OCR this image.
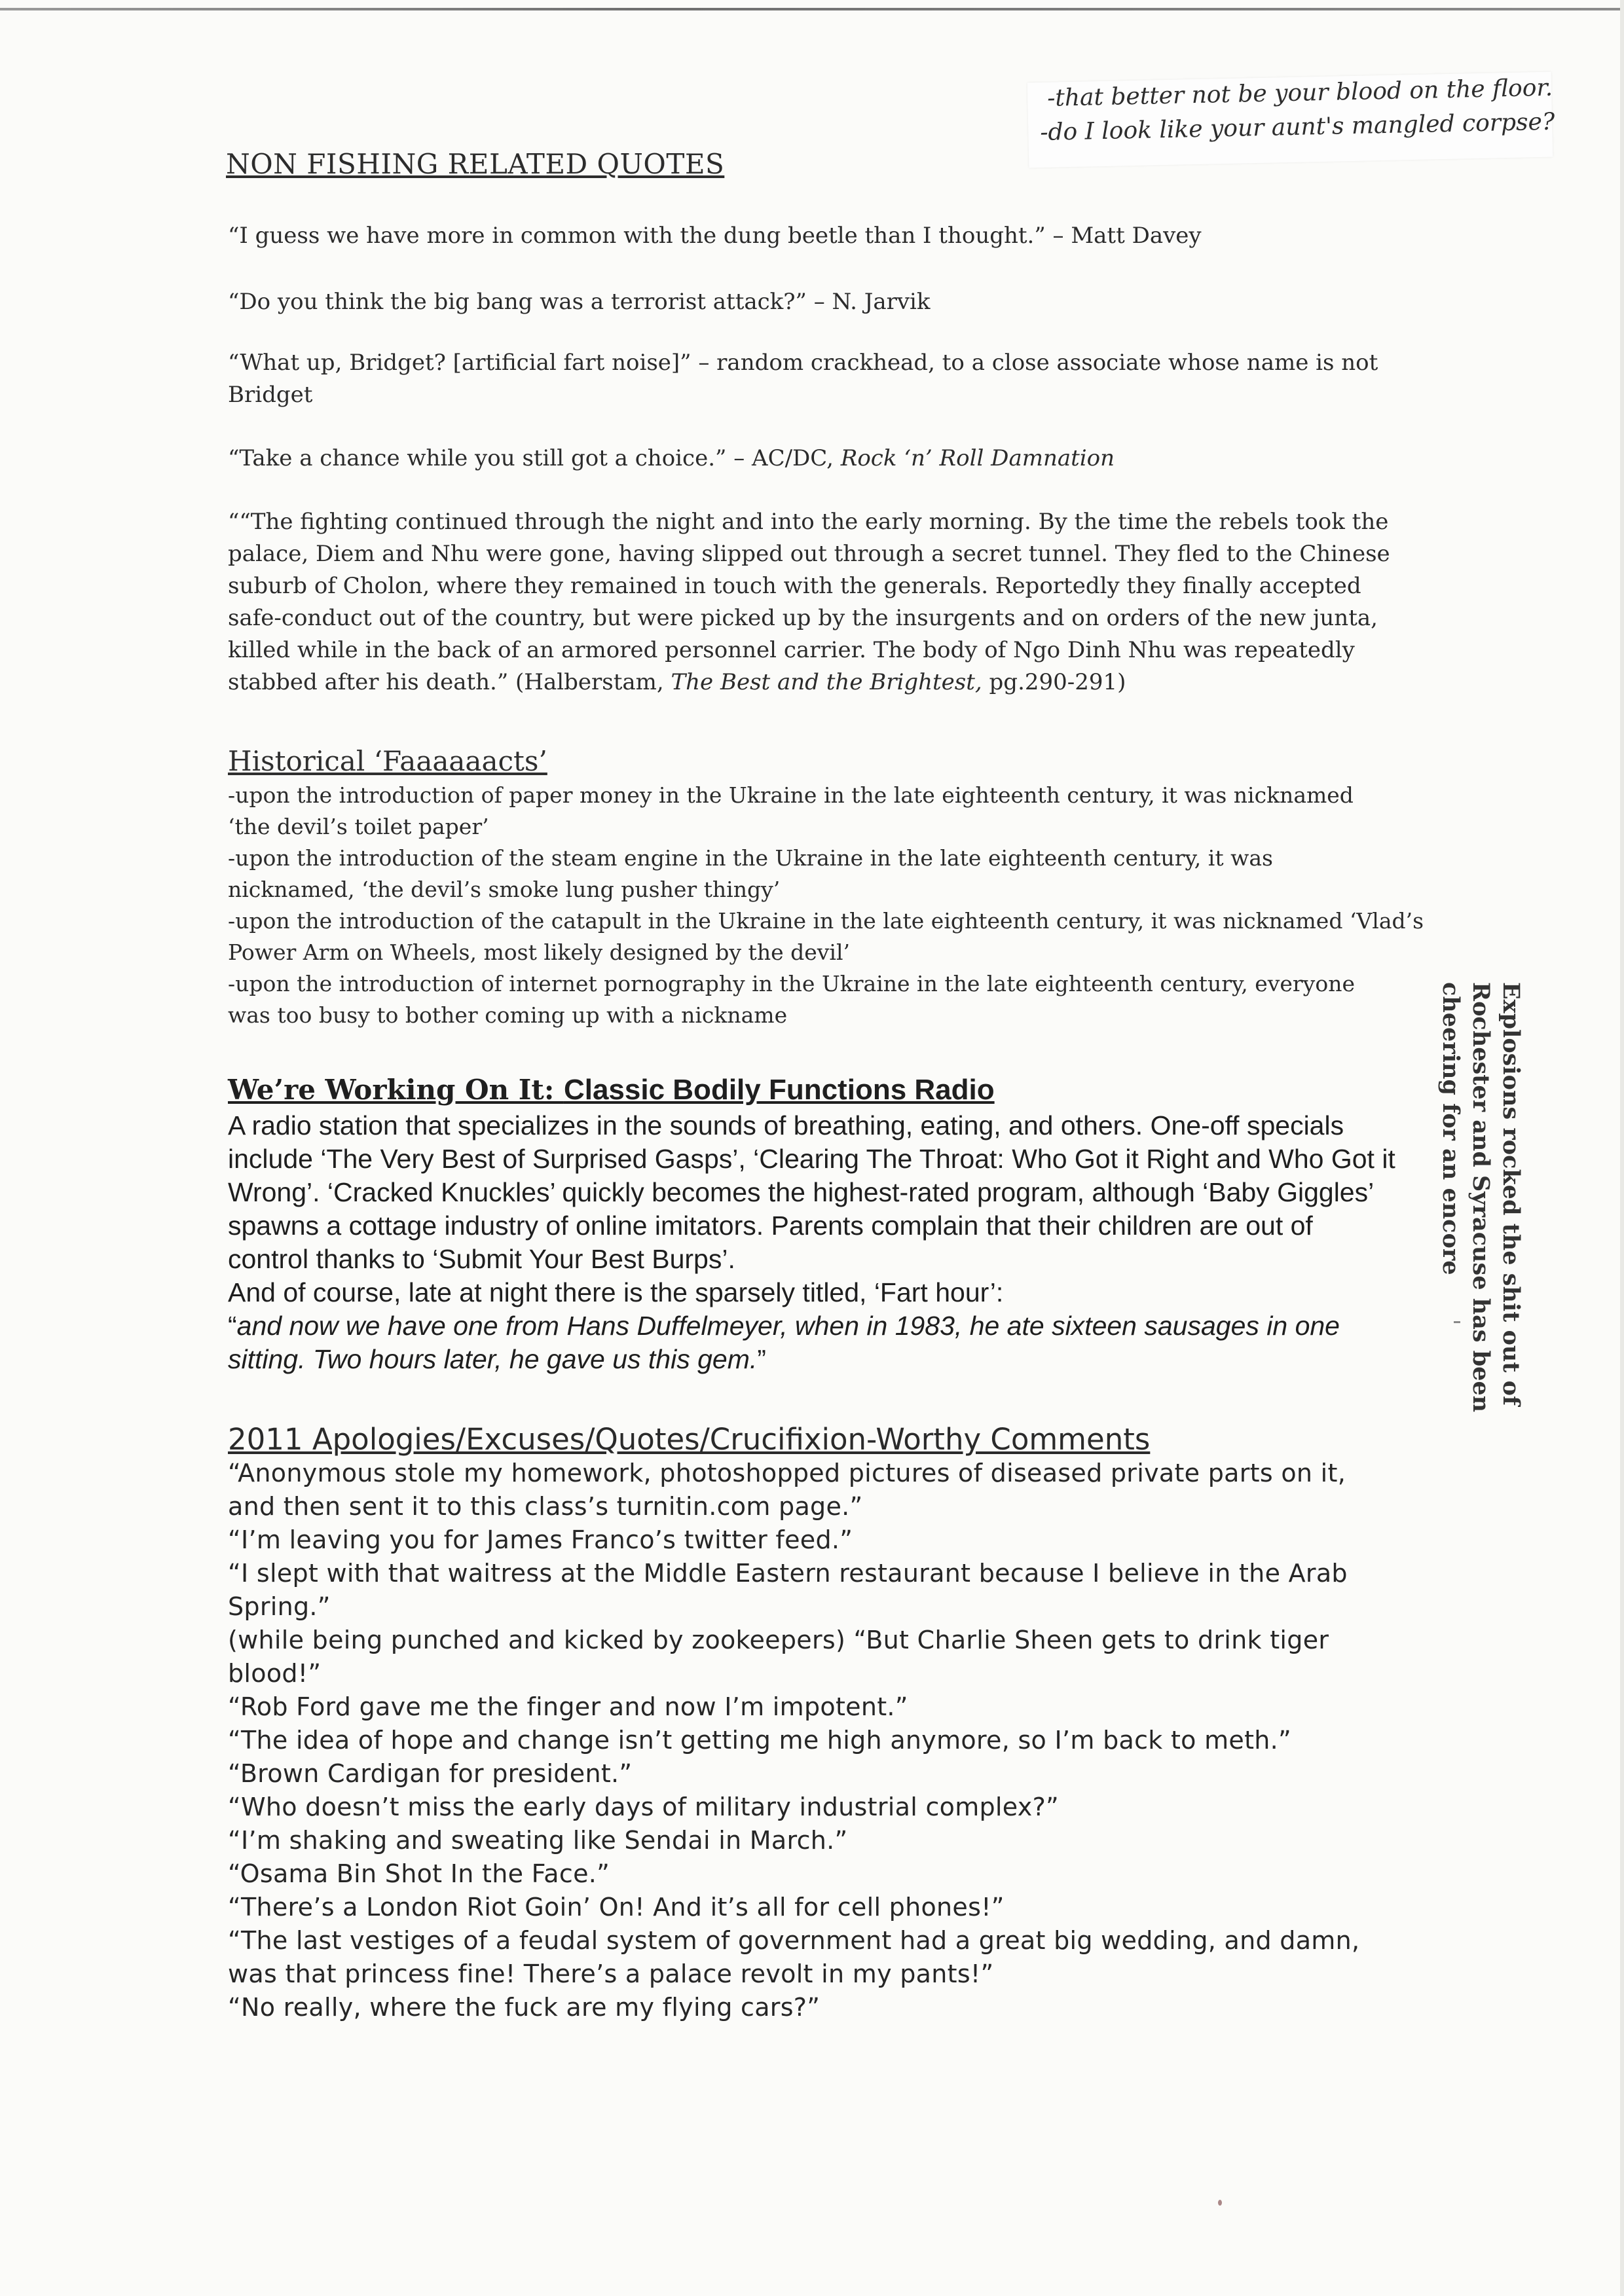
-that better not be your blood on the floor.
-do I look like your aunt's mangled corpse?
NON FISHING RELATED QUOTES

“I guess we have more in common with the dung beetle than I thought.” – Matt Davey

“Do you think the big bang was a terrorist attack?” – N. Jarvik

“What up, Bridget? [artificial fart noise]” – random crackhead, to a close associate whose name is not Bridget

“Take a chance while you still got a choice.” – AC/DC, Rock ‘n’ Roll Damnation

““The fighting continued through the night and into the early morning. By the time the rebels took the palace, Diem and Nhu were gone, having slipped out through a secret tunnel. They fled to the Chinese suburb of Cholon, where they remained in touch with the generals. Reportedly they finally accepted safe-conduct out of the country, but were picked up by the insurgents and on orders of the new junta, killed while in the back of an armored personnel carrier. The body of Ngo Dinh Nhu was repeatedly stabbed after his death.” (Halberstam, The Best and the Brightest, pg.290-291)

Historical ‘Faaaaaacts’

-upon the introduction of paper money in the Ukraine in the late eighteenth century, it was nicknamed ‘the devil’s toilet paper’

-upon the introduction of the steam engine in the Ukraine in the late eighteenth century, it was nicknamed, ‘the devil’s smoke lung pusher thingy’

-upon the introduction of the catapult in the Ukraine in the late eighteenth century, it was nicknamed ‘Vlad’s Power Arm on Wheels, most likely designed by the devil’

-upon the introduction of internet pornography in the Ukraine in the late eighteenth century, everyone was too busy to bother coming up with a nickname

We’re Working On It: Classic Bodily Functions Radio

A radio station that specializes in the sounds of breathing, eating, and others. One-off specials include ‘The Very Best of Surprised Gasps’, ‘Clearing The Throat: Who Got it Right and Who Got it Wrong’. ‘Cracked Knuckles’ quickly becomes the highest-rated program, although ‘Baby Giggles’ spawns a cottage industry of online imitators. Parents complain that their children are out of control thanks to ‘Submit Your Best Burps’.

And of course, late at night there is the sparsely titled, ‘Fart hour’:

“and now we have one from Hans Duffelmeyer, when in 1983, he ate sixteen sausages in one sitting. Two hours later, he gave us this gem.”

2011 Apologies/Excuses/Quotes/Crucifixion-Worthy Comments

“Anonymous stole my homework, photoshopped pictures of diseased private parts on it, and then sent it to this class’s turnitin.com page.”

“I’m leaving you for James Franco’s twitter feed.”

“I slept with that waitress at the Middle Eastern restaurant because I believe in the Arab Spring.”

(while being punched and kicked by zookeepers) “But Charlie Sheen gets to drink tiger blood!”

“Rob Ford gave me the finger and now I’m impotent.”

“The idea of hope and change isn’t getting me high anymore, so I’m back to meth.”

“Brown Cardigan for president.”

“Who doesn’t miss the early days of military industrial complex?”

“I’m shaking and sweating like Sendai in March.”

“Osama Bin Shot In the Face.”

“There’s a London Riot Goin’ On! And it’s all for cell phones!”

“The last vestiges of a feudal system of government had a great big wedding, and damn, was that princess fine! There’s a palace revolt in my pants!”

“No really, where the fuck are my flying cars?”

Explosions rocked the shit out of Rochester and Syracuse has been cheering for an encore
